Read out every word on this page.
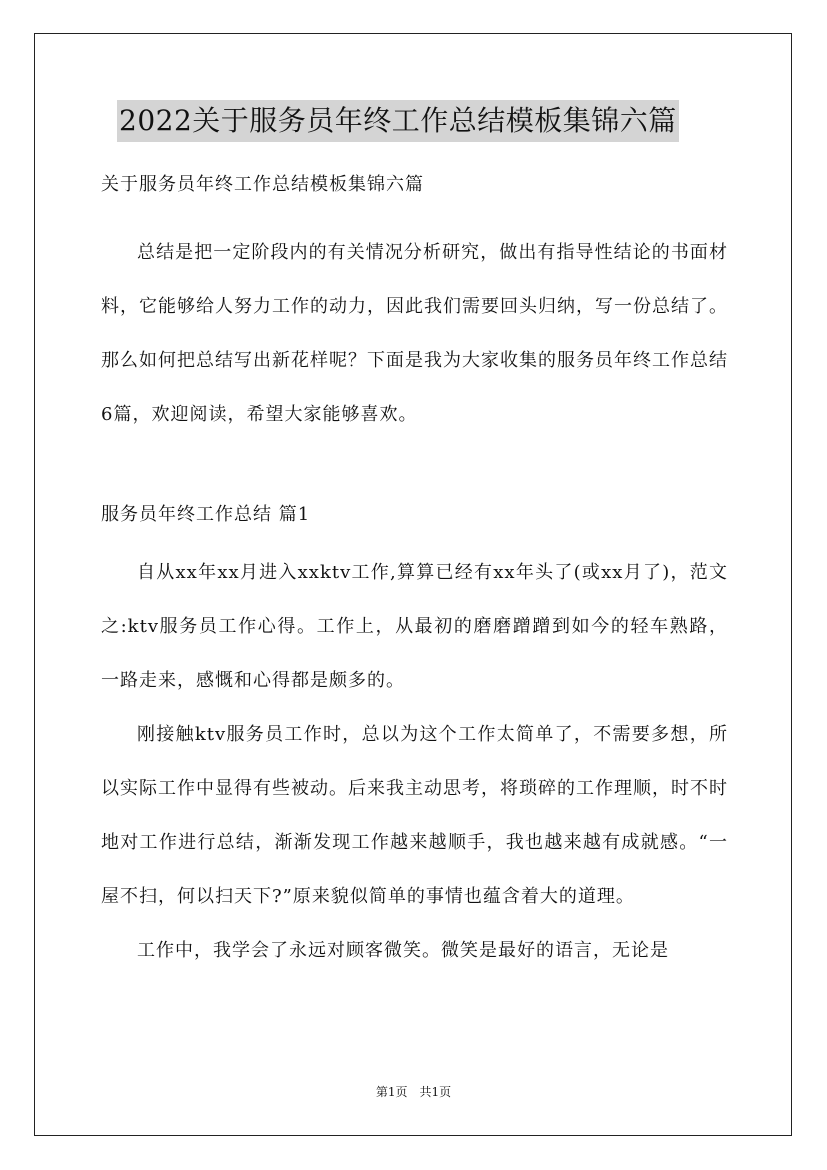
2022关于服务员年终工作总结模板集锦六篇

关于服务员年终工作总结模板集锦六篇

总结是把一定阶段内的有关情况分析研究，做出有指导性结论的书面材料，它能够给人努力工作的动力，因此我们需要回头归纳，写一份总结了。那么如何把总结写出新花样呢？下面是我为大家收集的服务员年终工作总结6篇，欢迎阅读，希望大家能够喜欢。

服务员年终工作总结 篇1

自从xx年xx月进入xxktv工作,算算已经有xx年头了(或xx月了)，范文之:ktv服务员工作心得。工作上，从最初的磨磨蹭蹭到如今的轻车熟路，一路走来，感慨和心得都是颇多的。

刚接触ktv服务员工作时，总以为这个工作太简单了，不需要多想，所以实际工作中显得有些被动。后来我主动思考，将琐碎的工作理顺，时不时地对工作进行总结，渐渐发现工作越来越顺手，我也越来越有成就感。“一屋不扫，何以扫天下?”原来貌似简单的事情也蕴含着大的道理。

工作中，我学会了永远对顾客微笑。微笑是最好的语言，无论是

第1页　共1页
